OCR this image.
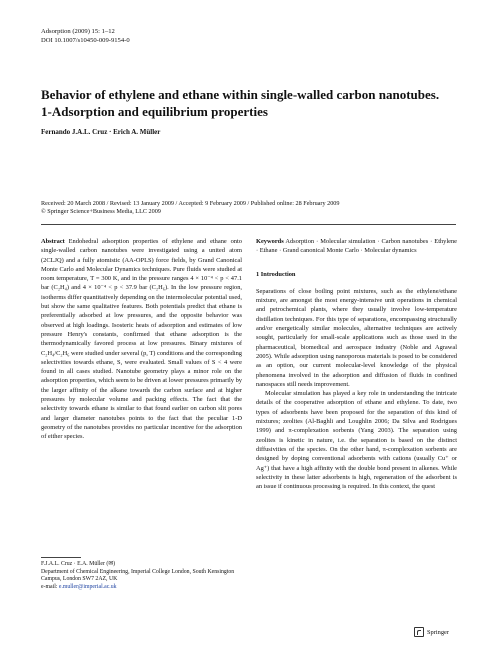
Adsorption (2009) 15: 1–12
DOI 10.1007/s10450-009-9154-0
Behavior of ethylene and ethane within single-walled carbon nanotubes. 1-Adsorption and equilibrium properties
Fernando J.A.L. Cruz · Erich A. Müller
Received: 20 March 2008 / Revised: 13 January 2009 / Accepted: 9 February 2009 / Published online: 28 February 2009
© Springer Science+Business Media, LLC 2009

Abstract Endohedral adsorption properties of ethylene and ethane onto single-walled carbon nanotubes were investigated using a united atom (2CLJQ) and a fully atomistic (AA-OPLS) force fields, by Grand Canonical Monte Carlo and Molecular Dynamics techniques. Pure fluids were studied at room temperature, T = 300 K, and in the pressure ranges 4 × 10⁻⁴ < p < 47.1 bar (C₂H₄) and 4 × 10⁻⁴ < p < 37.9 bar (C₂H₆). In the low pressure region, isotherms differ quantitatively depending on the intermolecular potential used, but show the same qualitative features. Both potentials predict that ethane is preferentially adsorbed at low pressures, and the opposite behavior was observed at high loadings. Isosteric heats of adsorption and estimates of low pressure Henry's constants, confirmed that ethane adsorption is the thermodynamically favored process at low pressures. Binary mixtures of C₂H₄/C₂H₆ were studied under several (p, T) conditions and the corresponding selectivities towards ethane, S, were evaluated. Small values of S < 4 were found in all cases studied. Nanotube geometry plays a minor role on the adsorption properties, which seem to be driven at lower pressures primarily by the larger affinity of the alkane towards the carbon surface and at higher pressures by molecular volume and packing effects. The fact that the selectivity towards ethane is similar to that found earlier on carbon slit pores and larger diameter nanotubes points to the fact that the peculiar 1-D geometry of the nanotubes provides no particular incentive for the adsorption of either species.

Keywords Adsorption · Molecular simulation · Carbon nanotubes · Ethylene · Ethane · Grand canonical Monte Carlo · Molecular dynamics

1 Introduction

Separations of close boiling point mixtures, such as the ethylene/ethane mixture, are amongst the most energy-intensive unit operations in chemical and petrochemical plants, where they usually involve low-temperature distillation techniques. For this type of separations, encompassing structurally and/or energetically similar molecules, alternative techniques are actively sought, particularly for small-scale applications such as those used in the pharmaceutical, biomedical and aerospace industry (Noble and Agrawal 2005). While adsorption using nanoporous materials is posed to be considered as an option, our current molecular-level knowledge of the physical phenomena involved in the adsorption and diffusion of fluids in confined nanospaces still needs improvement.

Molecular simulation has played a key role in understanding the intricate details of the cooperative adsorption of ethane and ethylene. To date, two types of adsorbents have been proposed for the separation of this kind of mixtures; zeolites (Al-Baghli and Loughlin 2006; Da Silva and Rodrigues 1999) and π-complexation sorbents (Yang 2003). The separation using zeolites is kinetic in nature, i.e. the separation is based on the distinct diffusivities of the species. On the other hand, π-complexation sorbents are designed by doping conventional adsorbents with cations (usually Cu⁺ or Ag⁺) that have a high affinity with the double bond present in alkenes. While selectivity in these latter adsorbents is high, regeneration of the adsorbent is an issue if continuous processing is required. In this context, the quest

F.J.A.L. Cruz · E.A. Müller (✉)
Department of Chemical Engineering, Imperial College London, South Kensington Campus, London SW7 2AZ, UK
e-mail: e.muller@imperial.ac.uk
Springer
